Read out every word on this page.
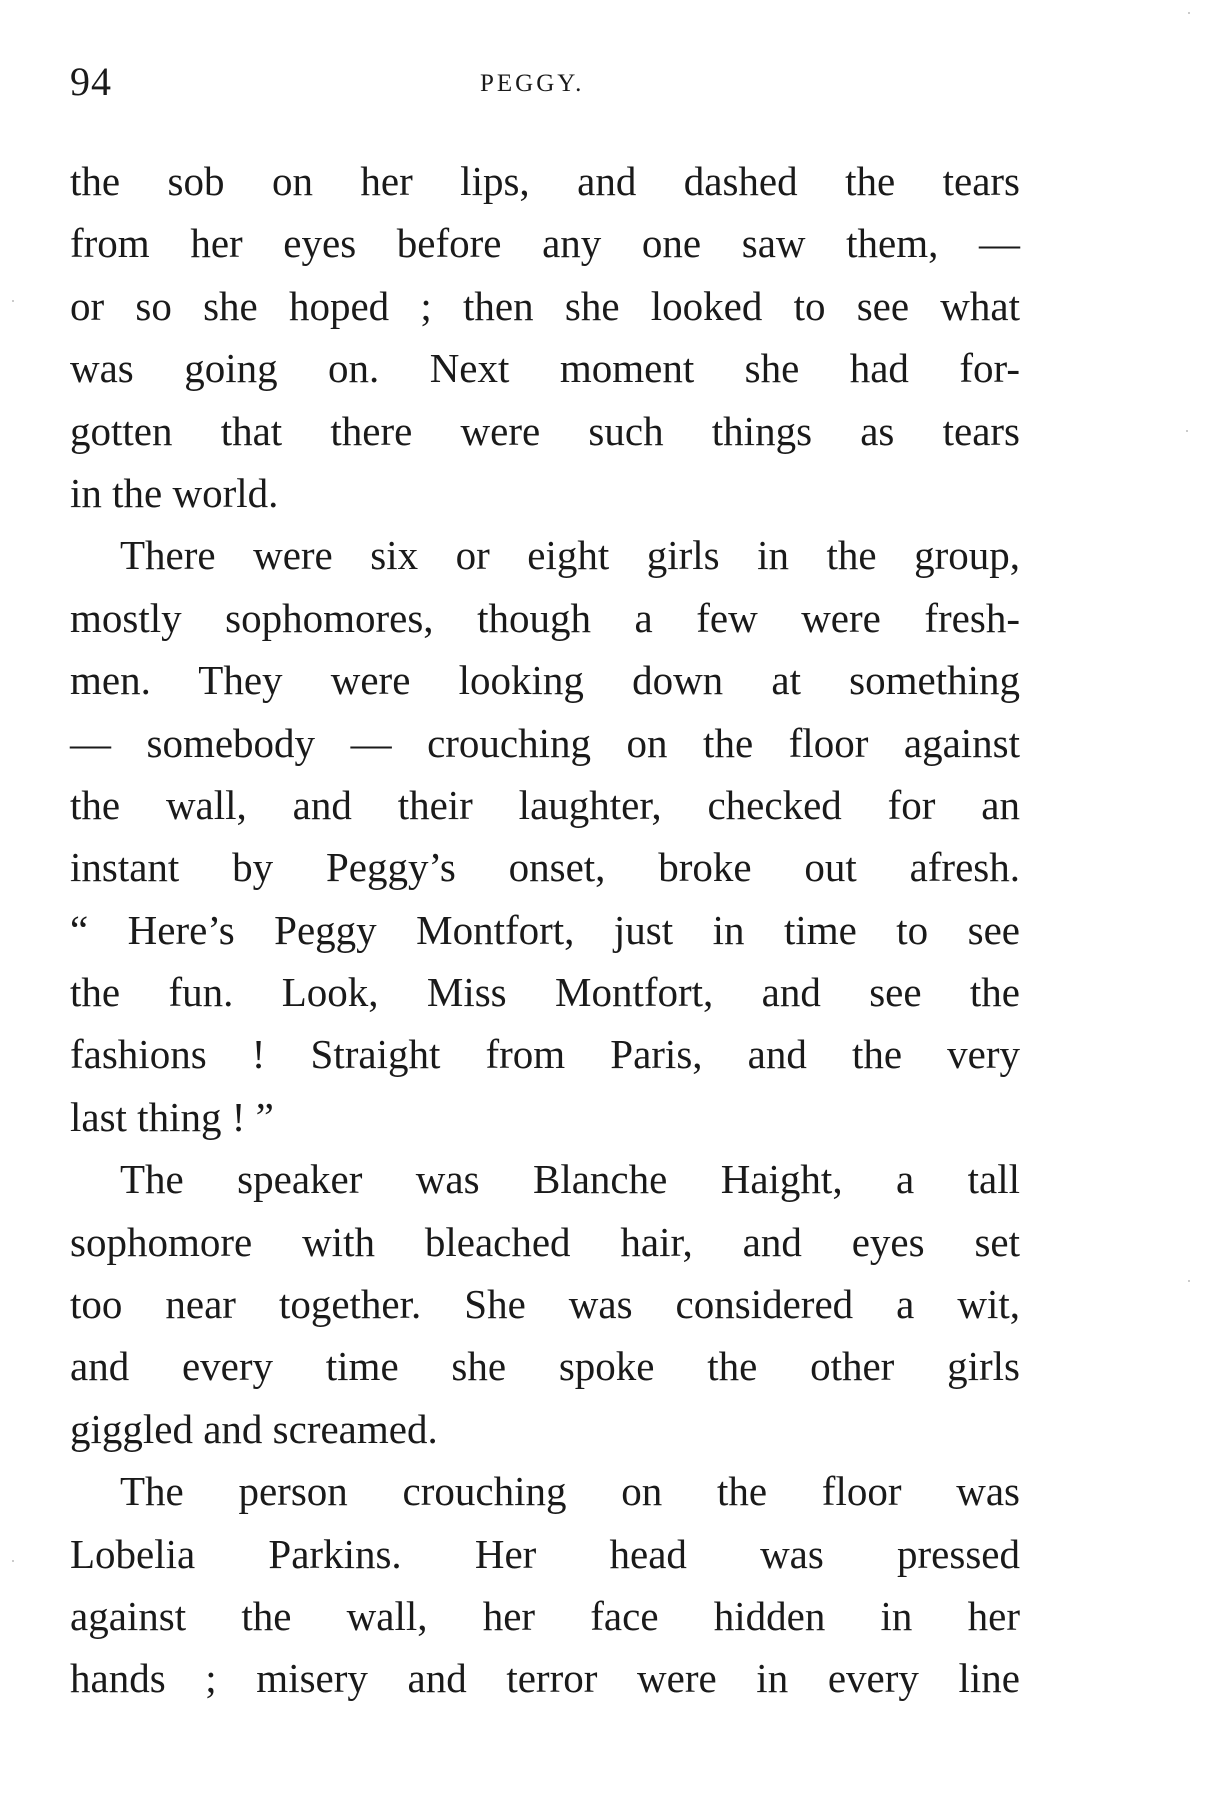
94	PEGGY.
the sob on her lips, and dashed the tears
from her eyes before any one saw them, —
or so she hoped ; then she looked to see what
was going on. Next moment she had for-
gotten that there were such things as tears
in the world.
There were six or eight girls in the group,
mostly sophomores, though a few were fresh-
men. They were looking down at something
— somebody — crouching on the floor against
the wall, and their laughter, checked for an
instant by Peggy’s onset, broke out afresh.
“ Here’s Peggy Montfort, just in time to see
the fun. Look, Miss Montfort, and see the
fashions ! Straight from Paris, and the very
last thing ! ”
The speaker was Blanche Haight, a tall
sophomore with bleached hair, and eyes set
too near together. She was considered a wit,
and every time she spoke the other girls
giggled and screamed.
The person crouching on the floor was
Lobelia Parkins. Her head was pressed
against the wall, her face hidden in her
hands ; misery and terror were in every line
